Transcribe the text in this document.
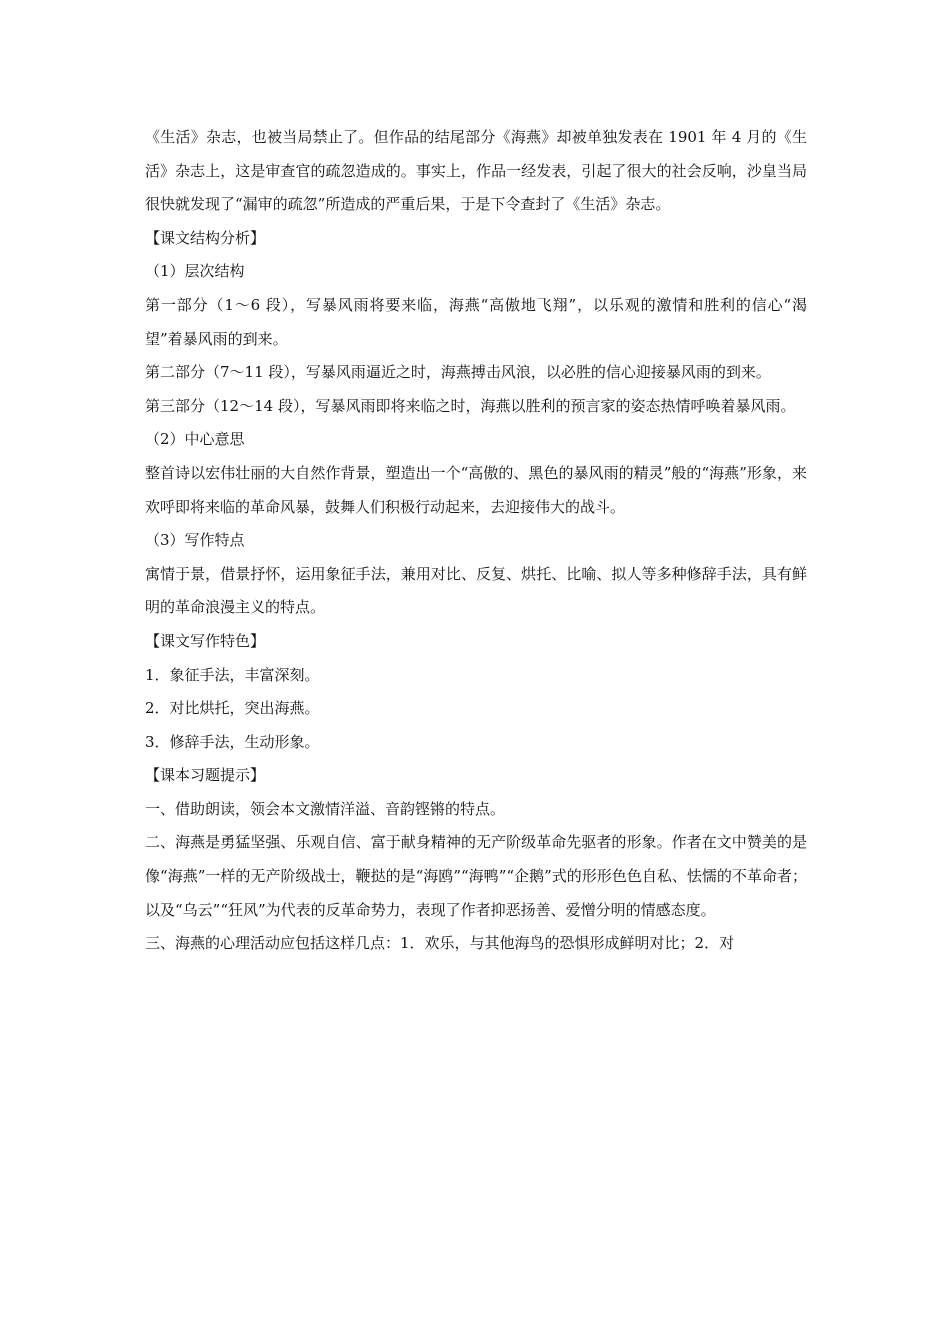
《生活》杂志，也被当局禁止了。但作品的结尾部分《海燕》却被单独发表在 1901 年 4 月的《生活》杂志上，这是审查官的疏忽造成的。事实上，作品一经发表，引起了很大的社会反响，沙皇当局很快就发现了“漏审的疏忽”所造成的严重后果，于是下令查封了《生活》杂志。

【课文结构分析】

（1）层次结构

第一部分（1～6 段），写暴风雨将要来临，海燕“高傲地飞翔”，以乐观的激情和胜利的信心“渴望”着暴风雨的到来。

第二部分（7～11 段），写暴风雨逼近之时，海燕搏击风浪，以必胜的信心迎接暴风雨的到来。

第三部分（12～14 段），写暴风雨即将来临之时，海燕以胜利的预言家的姿态热情呼唤着暴风雨。

（2）中心意思

整首诗以宏伟壮丽的大自然作背景，塑造出一个“高傲的、黑色的暴风雨的精灵”般的“海燕”形象，来欢呼即将来临的革命风暴，鼓舞人们积极行动起来，去迎接伟大的战斗。

（3）写作特点

寓情于景，借景抒怀，运用象征手法，兼用对比、反复、烘托、比喻、拟人等多种修辞手法，具有鲜明的革命浪漫主义的特点。

【课文写作特色】

1．象征手法，丰富深刻。

2．对比烘托，突出海燕。

3．修辞手法，生动形象。

【课本习题提示】

一、借助朗读，领会本文激情洋溢、音韵铿锵的特点。

二、海燕是勇猛坚强、乐观自信、富于献身精神的无产阶级革命先驱者的形象。作者在文中赞美的是像“海燕”一样的无产阶级战士，鞭挞的是“海鸥”“海鸭”“企鹅”式的形形色色自私、怯懦的不革命者；以及“乌云”“狂风”为代表的反革命势力，表现了作者抑恶扬善、爱憎分明的情感态度。

三、海燕的心理活动应包括这样几点：1．欢乐，与其他海鸟的恐惧形成鲜明对比；2．对
